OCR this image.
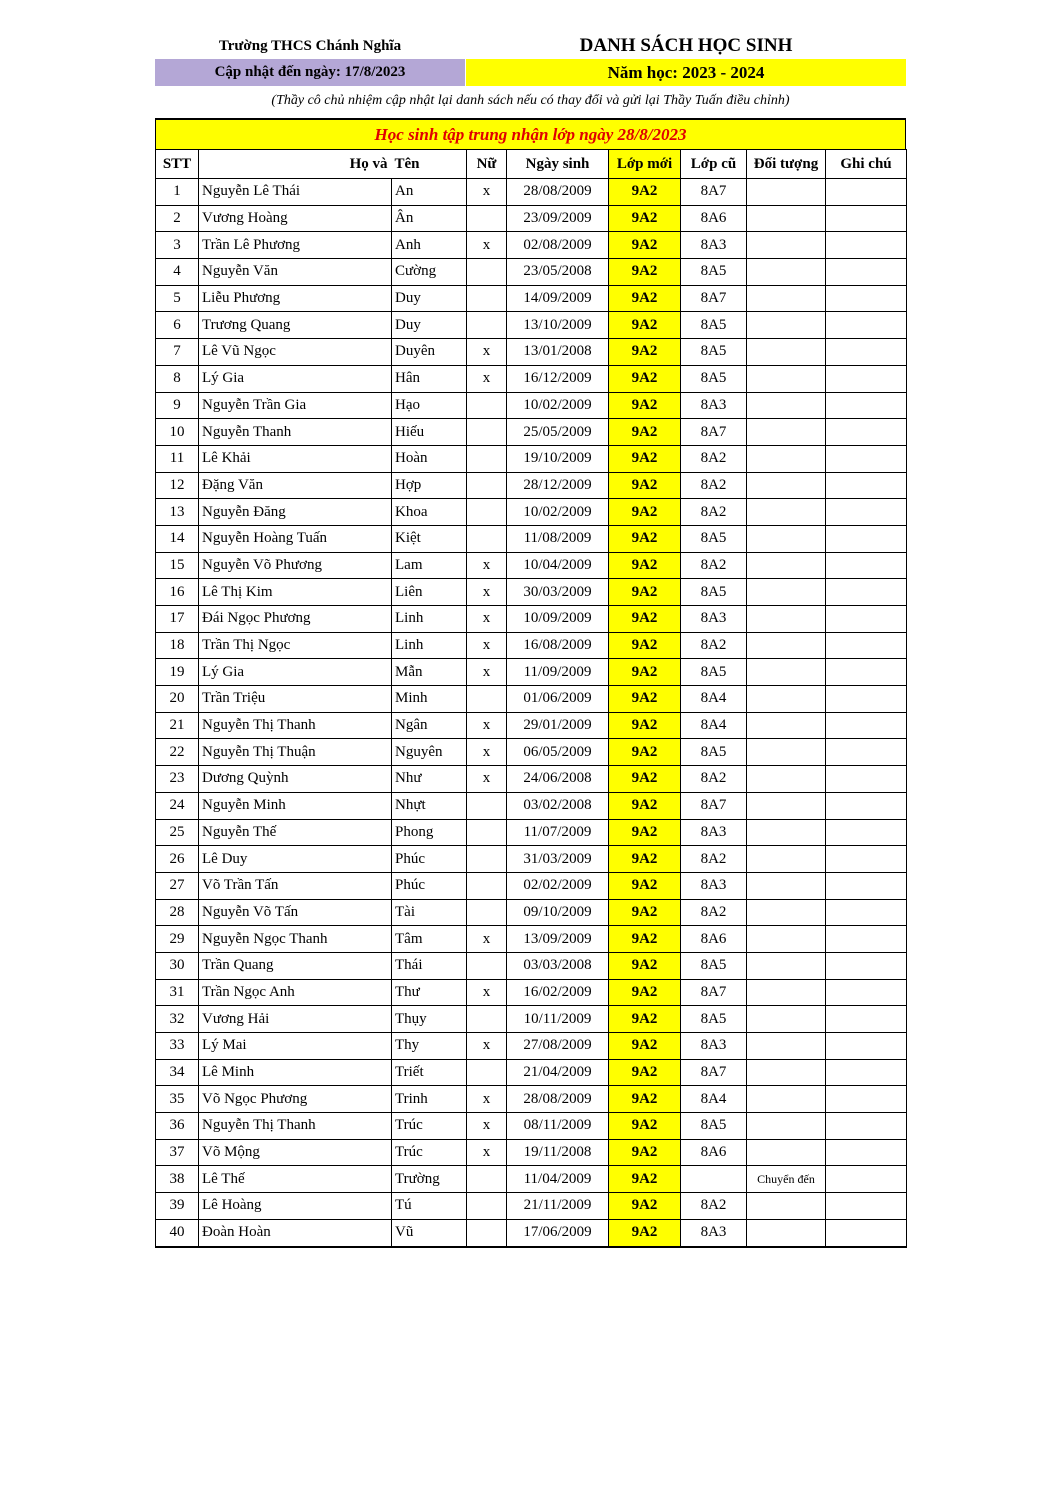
Trường THCS Chánh Nghĩa	DANH SÁCH HỌC SINH
Cập nhật đến ngày: 17/8/2023	Năm học: 2023 - 2024
(Thầy cô chủ nhiệm cập nhật lại danh sách nếu có thay đổi và gửi lại Thầy Tuấn điều chỉnh)
Học sinh tập trung nhận lớp ngày 28/8/2023
STT	Họ và	Tên	Nữ	Ngày sinh	Lớp mới	Lớp cũ	Đối tượng	Ghi chú
1	Nguyễn Lê Thái	An	x	28/08/2009	9A2	8A7		
2	Vương Hoàng	Ân		23/09/2009	9A2	8A6		
3	Trần Lê Phương	Anh	x	02/08/2009	9A2	8A3		
4	Nguyễn Văn	Cường		23/05/2008	9A2	8A5		
5	Liễu Phương	Duy		14/09/2009	9A2	8A7		
6	Trương Quang	Duy		13/10/2009	9A2	8A5		
7	Lê Vũ Ngọc	Duyên	x	13/01/2008	9A2	8A5		
8	Lý Gia	Hân	x	16/12/2009	9A2	8A5		
9	Nguyễn Trần Gia	Hạo		10/02/2009	9A2	8A3		
10	Nguyễn Thanh	Hiếu		25/05/2009	9A2	8A7		
11	Lê Khải	Hoàn		19/10/2009	9A2	8A2		
12	Đặng Văn	Hợp		28/12/2009	9A2	8A2		
13	Nguyễn Đăng	Khoa		10/02/2009	9A2	8A2		
14	Nguyễn Hoàng Tuấn	Kiệt		11/08/2009	9A2	8A5		
15	Nguyễn Võ Phương	Lam	x	10/04/2009	9A2	8A2		
16	Lê Thị Kim	Liên	x	30/03/2009	9A2	8A5		
17	Đái Ngọc Phương	Linh	x	10/09/2009	9A2	8A3		
18	Trần Thị Ngọc	Linh	x	16/08/2009	9A2	8A2		
19	Lý Gia	Mẫn	x	11/09/2009	9A2	8A5		
20	Trần Triệu	Minh		01/06/2009	9A2	8A4		
21	Nguyễn Thị Thanh	Ngân	x	29/01/2009	9A2	8A4		
22	Nguyễn Thị Thuận	Nguyên	x	06/05/2009	9A2	8A5		
23	Dương Quỳnh	Như	x	24/06/2008	9A2	8A2		
24	Nguyễn Minh	Nhựt		03/02/2008	9A2	8A7		
25	Nguyễn Thế	Phong		11/07/2009	9A2	8A3		
26	Lê Duy	Phúc		31/03/2009	9A2	8A2		
27	Võ Trần Tấn	Phúc		02/02/2009	9A2	8A3		
28	Nguyễn Võ Tấn	Tài		09/10/2009	9A2	8A2		
29	Nguyễn Ngọc Thanh	Tâm	x	13/09/2009	9A2	8A6		
30	Trần Quang	Thái		03/03/2008	9A2	8A5		
31	Trần Ngọc Anh	Thư	x	16/02/2009	9A2	8A7		
32	Vương Hải	Thụy		10/11/2009	9A2	8A5		
33	Lý Mai	Thy	x	27/08/2009	9A2	8A3		
34	Lê Minh	Triết		21/04/2009	9A2	8A7		
35	Võ Ngọc Phương	Trinh	x	28/08/2009	9A2	8A4		
36	Nguyễn Thị Thanh	Trúc	x	08/11/2009	9A2	8A5		
37	Võ Mộng	Trúc	x	19/11/2008	9A2	8A6		
38	Lê Thế	Trường		11/04/2009	9A2		Chuyển đến	
39	Lê Hoàng	Tú		21/11/2009	9A2	8A2		
40	Đoàn Hoàn	Vũ		17/06/2009	9A2	8A3		
